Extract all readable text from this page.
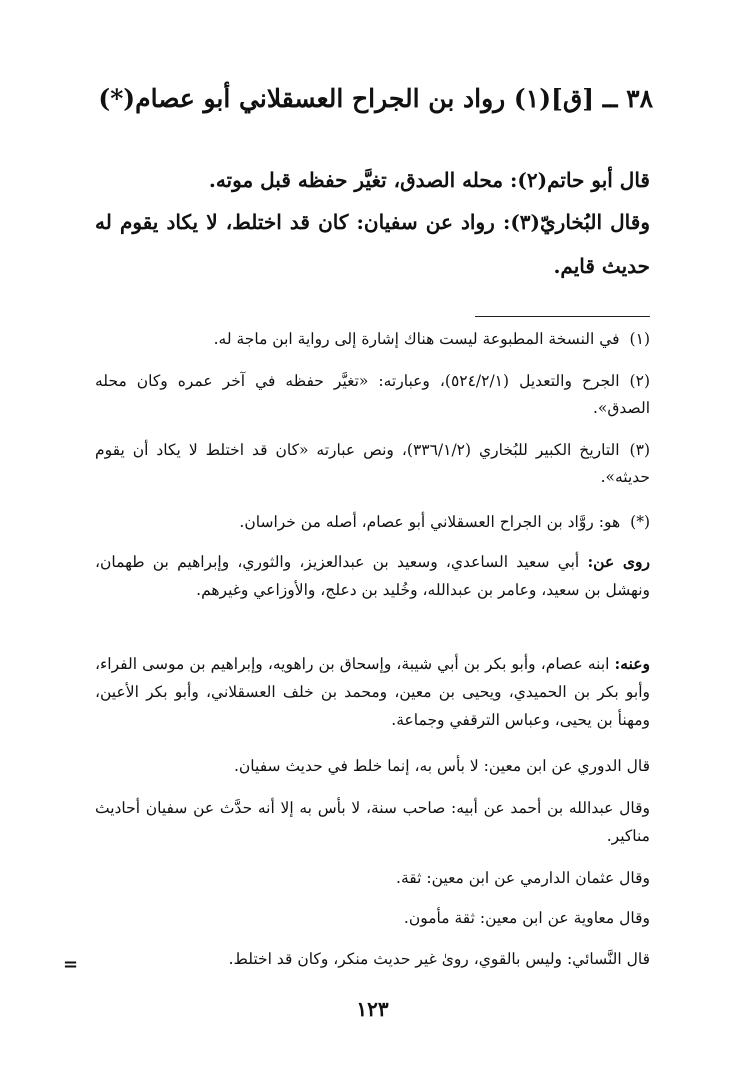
٣٨ ــ [ق](١) رواد بن الجراح العسقلاني أبو عصام(*)
قال أبو حاتم(٢): محله الصدق، تغيَّر حفظه قبل موته.
وقال البُخاريّ(٣): رواد عن سفيان: كان قد اختلط، لا يكاد يقوم له حديث قايم.
(١)في النسخة المطبوعة ليست هناك إشارة إلى رواية ابن ماجة له.
(٢)الجرح والتعديل (٥٢٤/٢/١)، وعبارته: «تغيَّر حفظه في آخر عمره وكان محله الصدق».
(٣)التاريخ الكبير للبُخاري (٣٣٦/١/٢)، ونص عبارته «كان قد اختلط لا يكاد أن يقوم حديثه».
(*)هو: روَّاد بن الجراح العسقلاني أبو عصام، أصله من خراسان.
روى عن: أبي سعيد الساعدي، وسعيد بن عبدالعزيز، والثوري، وإبراهيم بن طهمان، ونهشل بن سعيد، وعامر بن عبدالله، وخُليد بن دعلج، والأوزاعي وغيرهم.
وعنه: ابنه عصام، وأبو بكر بن أبي شيبة، وإسحاق بن راهويه، وإبراهيم بن موسى الفراء، وأبو بكر بن الحميدي، ويحيى بن معين، ومحمد بن خلف العسقلاني، وأبو بكر الأعين، ومهنأ بن يحيى، وعباس الترقفي وجماعة.
قال الدوري عن ابن معين: لا بأس به، إنما خلط في حديث سفيان.
وقال عبدالله بن أحمد عن أبيه: صاحب سنة، لا بأس به إلا أنه حدَّث عن سفيان أحاديث مناكير.
وقال عثمان الدارمي عن ابن معين: ثقة.
وقال معاوية عن ابن معين: ثقة مأمون.
قال النَّسائي: وليس بالقوي، روىٰ غير حديث منكر، وكان قد اختلط.
=
١٢٣
